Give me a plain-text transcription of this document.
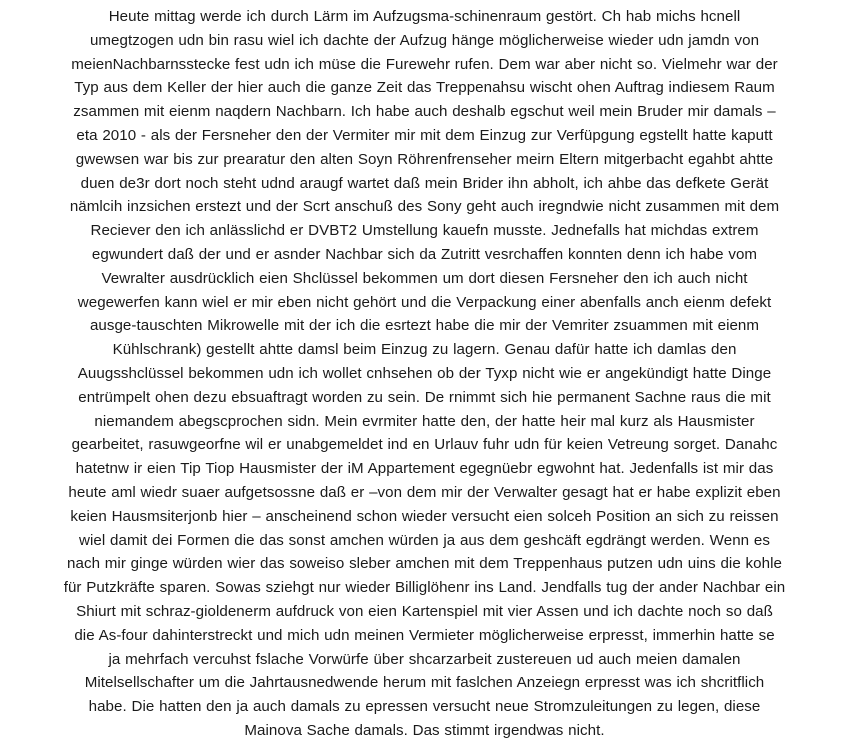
Heute mittag werde ich durch Lärm im Aufzugsma-schinenraum gestört. Ch hab michs hcnell
umegtzogen udn bin rasu wiel ich dachte der Aufzug hänge möglicherweise wieder udn jamdn von
meienNachbarnsstecke fest udn ich müse die Furewehr rufen. Dem war aber nicht so. Vielmehr war der
Typ aus dem Keller der hier auch die ganze Zeit das Treppenahsu wischt ohen Auftrag indiesem Raum
zsammen mit eienm naqdern Nachbarn. Ich habe auch deshalb egschut weil mein Bruder mir damals –
eta 2010 - als der Fersneher den der Vermiter mir mit dem Einzug zur Verfüpgung egstellt hatte kaputt
gwewsen war bis zur prearatur den alten Soyn Röhrenfrenseher meirn Eltern mitgerbacht egahbt ahtte
duen de3r dort noch steht udnd araugf wartet daß mein Brider ihn abholt, ich ahbe das defkete Gerät
nämlcih inzsichen erstezt und der Scrt anschuß des Sony geht auch iregndwie nicht zusammen mit dem
Reciever den ich anlässlichd er DVBT2 Umstellung kauefn musste. Jednefalls hat michdas extrem
egwundert daß der und er asnder Nachbar sich da Zutritt vesrchaffen konnten denn ich habe vom
Vewralter ausdrücklich eien Shclüssel bekommen um dort diesen Fersneher den ich auch nicht
wegewerfen kann wiel er mir eben nicht gehört und die Verpackung einer abenfalls anch eienm defekt
ausge-tauschten Mikrowelle mit der ich die esrtezt habe die mir der Vemriter zsuammen mit eienm
Kühlschrank) gestellt ahtte damsl beim Einzug zu lagern. Genau dafür hatte ich damlas den
Auugsshclüssel bekommen udn ich wollet cnhsehen ob der Tyxp nicht wie er angekündigt hatte Dinge
entrümpelt ohen dezu ebsuaftragt worden zu sein. De rnimmt sich hie permanent Sachne raus die mit
niemandem abegscprochen sidn. Mein evrmiter hatte den, der hatte heir mal kurz als Hausmister
gearbeitet, rasuwgeorfne wil er unabgemeldet ind en Urlauv fuhr udn für keien Vetreung sorget. Danahc
hatetnw ir eien Tip Tiop Hausmister der iM Appartement egegnüebr egwohnt hat. Jedenfalls ist mir das
heute aml wiedr suaer aufgetsossne daß er –von dem mir der Verwalter gesagt hat er habe explizit eben
keien Hausmsiterjonb hier – anscheinend schon wieder versucht eien solceh Position an sich zu reissen
wiel damit dei Formen die das sonst amchen würden ja aus dem geshcäft egdrängt werden. Wenn es
nach mir ginge würden wier das soweiso sleber amchen mit dem Treppenhaus putzen udn uins die kohle
für Putzkräfte sparen. Sowas sziehgt nur wieder Billiglöhenr ins Land. Jendfalls tug der ander Nachbar ein
Shiurt mit schraz-gioldenerm aufdruck von eien Kartenspiel mit vier Assen und ich dachte noch so daß
die As-four dahinterstreckt und mich udn meinen Vermieter möglicherweise erpresst, immerhin hatte se
ja mehrfach vercuhst fslache Vorwürfe über shcarzarbeit zustereuen ud auch meien damalen
Mitelsellschafter um die Jahrtausnedwende herum mit faslchen Anzeiegn erpresst was ich shcritflich
habe. Die hatten den ja auch damals zu epressen versucht neue Stromzuleitungen zu legen, diese
Mainova Sache damals. Das stimmt irgendwas nicht.
